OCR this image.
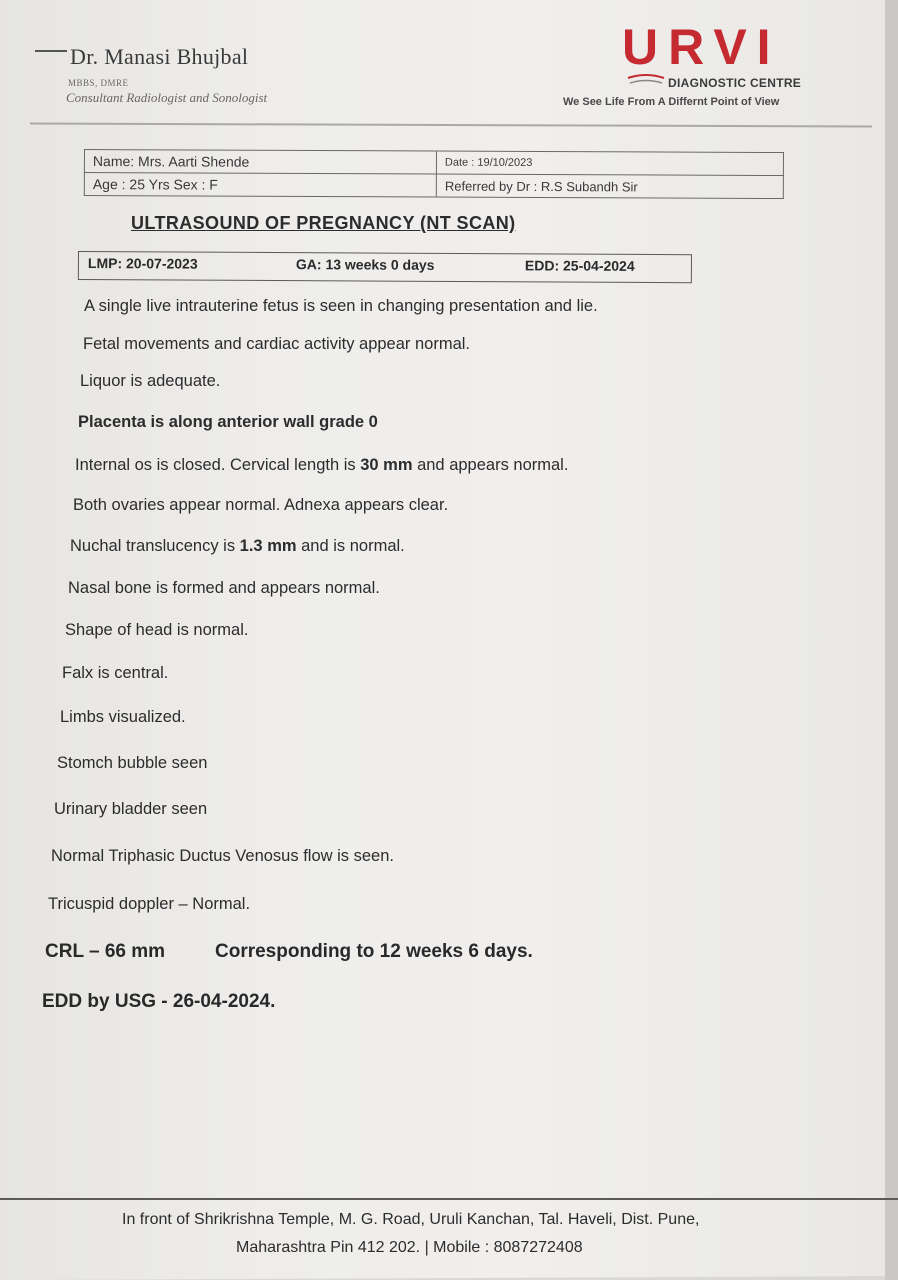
Dr. Manasi Bhujbal
MBBS, DMRE
Consultant Radiologist and Sonologist
URVI
DIAGNOSTIC CENTRE
We See Life From A Differnt Point of View
Name: Mrs. Aarti Shende	Date : 19/10/2023
Age : 25 Yrs Sex : F	Referred by Dr : R.S Subandh Sir
ULTRASOUND OF PREGNANCY (NT SCAN)
LMP: 20-07-2023	GA: 13 weeks 0 days	EDD: 25-04-2024
A single live intrauterine fetus is seen in changing presentation and lie.
Fetal movements and cardiac activity appear normal.
Liquor is adequate.
Placenta is along anterior wall grade 0
Internal os is closed. Cervical length is 30 mm and appears normal.
Both ovaries appear normal. Adnexa appears clear.
Nuchal translucency is 1.3 mm and is normal.
Nasal bone is formed and appears normal.
Shape of head is normal.
Falx is central.
Limbs visualized.
Stomch bubble seen
Urinary bladder seen
Normal Triphasic Ductus Venosus flow is seen.
Tricuspid doppler – Normal.
CRL – 66 mm	Corresponding to 12 weeks 6 days.
EDD by USG - 26-04-2024.
In front of Shrikrishna Temple, M. G. Road, Uruli Kanchan, Tal. Haveli, Dist. Pune,
Maharashtra Pin 412 202. | Mobile : 8087272408
